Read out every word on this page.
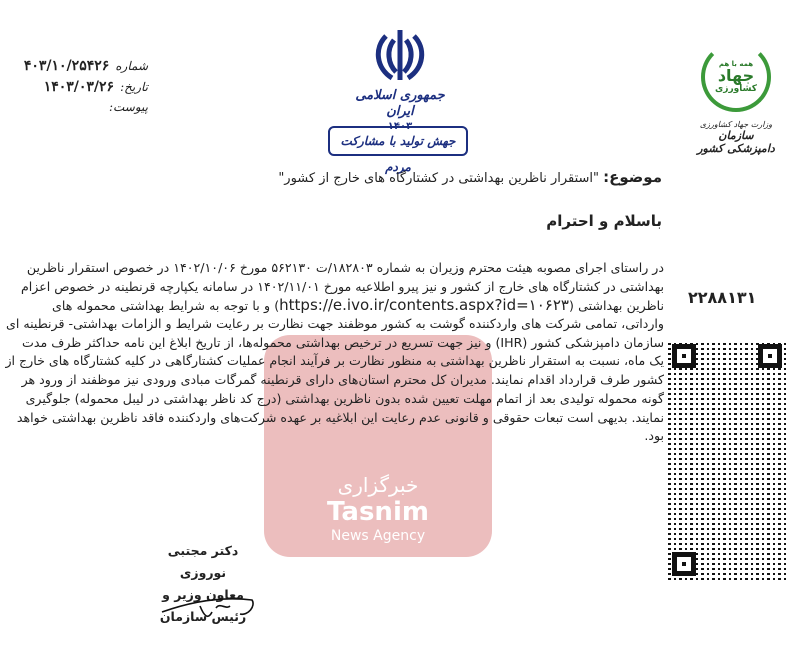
شماره
۴۰۳/۱۰/۲۵۴۲۶
تاریخ:
۱۴۰۳/۰۳/۲۶
پیوست:
جمهوری اسلامی ایران
۱۴۰۳
جهش تولید با مشارکت مردم
همه با هم
جهاد
کشاورزی
وزارت جهاد کشاورزی
سازمان دامپزشکی کشور
موضوع: "استقرار ناظرین بهداشتی در کشتارگاه های خارج از کشور"
باسلام و احترام
خبرگزاری
Tasnim
News Agency
در راستای اجرای مصوبه هیئت محترم وزیران به شماره ۱۸۲۸۰۳/ت ۵۶۲۱۳۰ مورخ ۱۴۰۲/۱۰/۰۶ در خصوص استقرار ناظرین
بهداشتی در کشتارگاه های خارج از کشور و نیز پیرو اطلاعیه مورخ ۱۴۰۲/۱۱/۰۱ در سامانه یکپارچه قرنطینه در خصوص اعزام
ناظرین بهداشتی (https://e.ivo.ir/contents.aspx?id=۱۰۶۲۳) و با توجه به شرایط بهداشتی محموله های
وارداتی، تمامی شرکت های واردکننده گوشت به کشور موظفند جهت نظارت بر رعایت شرایط و الزامات بهداشتی- قرنطینه ای
سازمان دامپزشکی کشور (IHR) و نیز جهت تسریع در ترخیص بهداشتی محموله‌ها، از تاریخ ابلاغ این نامه حداکثر ظرف مدت
یک ماه، نسبت به استقرار ناظرین بهداشتی به منظور نظارت بر فرآیند انجام عملیات کشتارگاهی در کلیه کشتارگاه های خارج از
کشور طرف قرارداد اقدام نمایند. مدیران کل محترم استان‌های دارای قرنطینه گمرگات مبادی ورودی نیز موظفند از ورود هر
گونه محموله تولیدی بعد از اتمام مهلت تعیین شده بدون ناظرین بهداشتی (درج کد ناظر بهداشتی در لیبل محموله) جلوگیری
نمایند. بدیهی است تبعات حقوقی و قانونی عدم رعایت این ابلاغیه بر عهده شرکت‌های واردکننده فاقد ناظرین بهداشتی خواهد
بود.
۲۲۸۸۱۳۱
دکتر مجتبی نوروزی
معاون وزیر و رئیس سازمان
